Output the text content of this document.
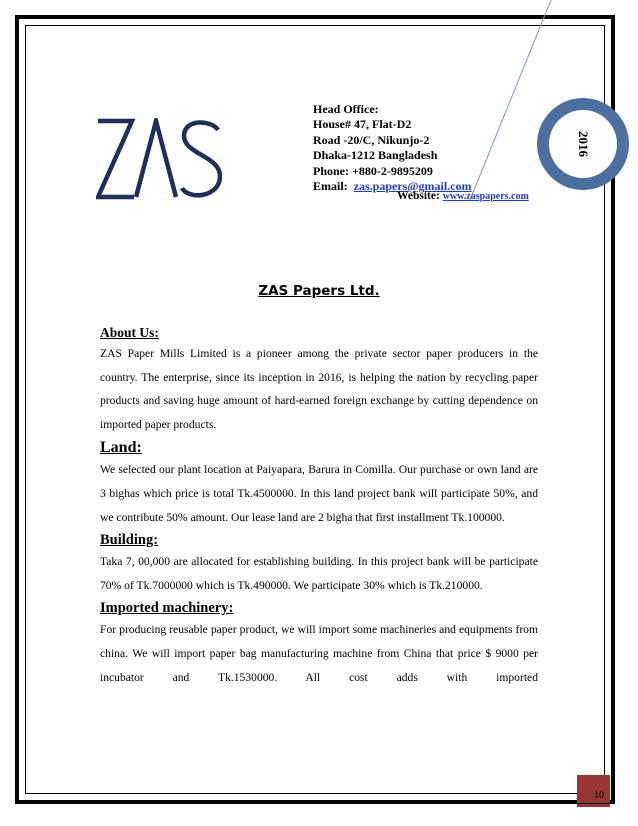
2016
Head Office:
House# 47, Flat-D2
Road -20/C, Nikunjo-2
Dhaka-1212 Bangladesh
Phone: +880-2-9895209
Email: zas.papers@gmail.com
Website: www.zaspapers.com
ZAS Papers Ltd.

About Us:

ZAS Paper Mills Limited is a pioneer among the private sector paper producers in the country. The enterprise, since its inception in 2016, is helping the nation by recycling paper products and saving huge amount of hard-earned foreign exchange by cutting dependence on imported paper products.

Land:

We selected our plant location at Paiyapara, Barura in Comilla. Our purchase or own land are 3 bighas which price is total Tk.4500000. In this land project bank will participate 50%, and we contribute 50% amount. Our lease land are 2 bigha that first installment Tk.100000.

Building:

Taka 7, 00,000 are allocated for establishing building. In this project bank will be participate 70% of Tk.7000000 which is Tk.490000. We participate 30% which is Tk.210000.

Imported machinery:

For producing reusable paper product, we will import some machineries and equipments from china. We will import paper bag manufacturing machine from China that price $ 9000 per incubator and Tk.1530000. All cost adds with imported

10
